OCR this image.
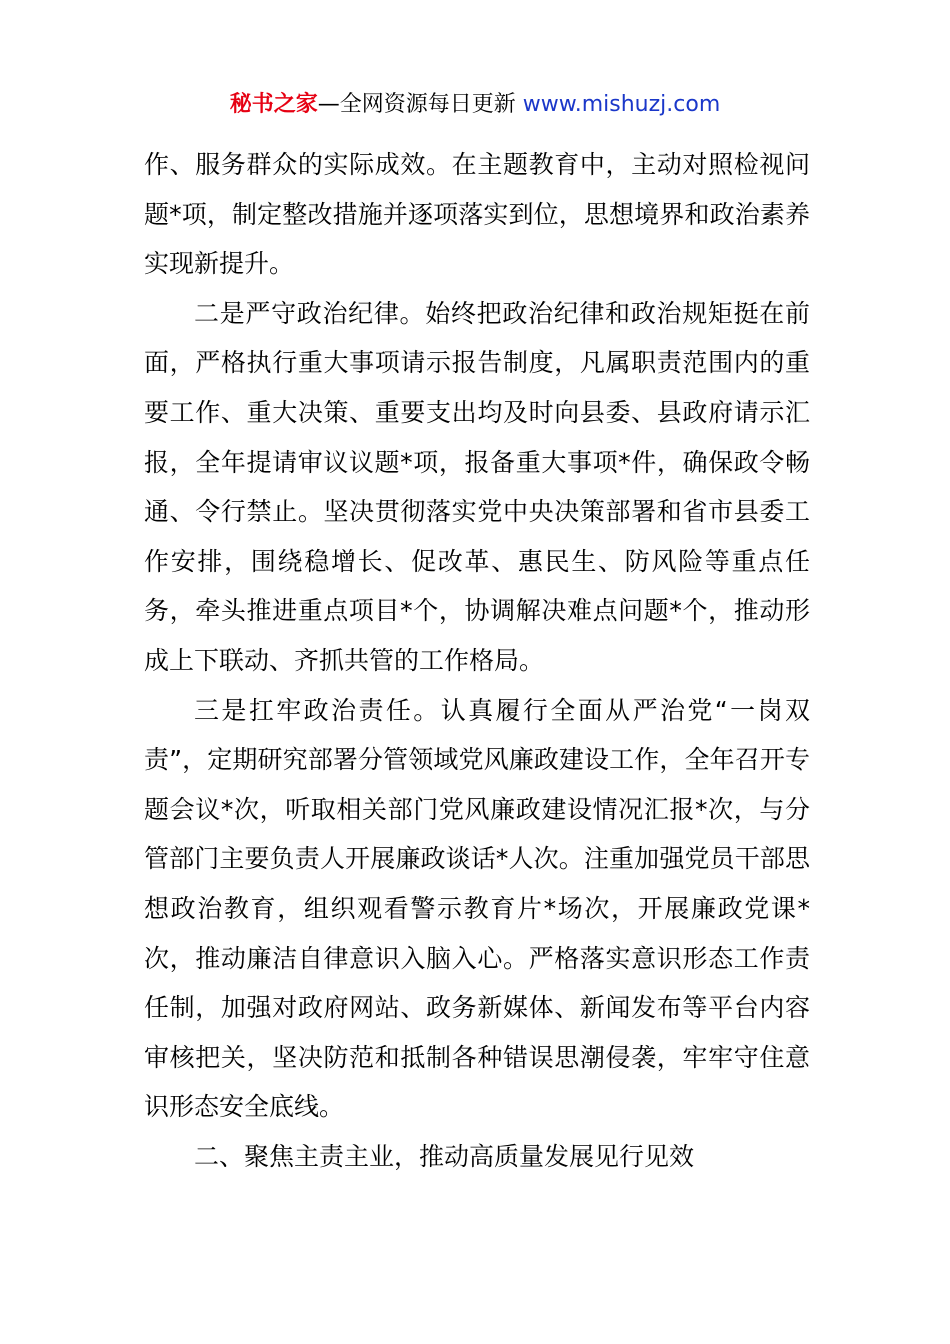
秘书之家—全网资源每日更新 www.mishuzj.com

作、服务群众的实际成效。在主题教育中，主动对照检视问题*项，制定整改措施并逐项落实到位，思想境界和政治素养实现新提升。

二是严守政治纪律。始终把政治纪律和政治规矩挺在前面，严格执行重大事项请示报告制度，凡属职责范围内的重要工作、重大决策、重要支出均及时向县委、县政府请示汇报，全年提请审议议题*项，报备重大事项*件，确保政令畅通、令行禁止。坚决贯彻落实党中央决策部署和省市县委工作安排，围绕稳增长、促改革、惠民生、防风险等重点任务，牵头推进重点项目*个，协调解决难点问题*个，推动形成上下联动、齐抓共管的工作格局。

三是扛牢政治责任。认真履行全面从严治党“一岗双责”，定期研究部署分管领域党风廉政建设工作，全年召开专题会议*次，听取相关部门党风廉政建设情况汇报*次，与分管部门主要负责人开展廉政谈话*人次。注重加强党员干部思想政治教育，组织观看警示教育片*场次，开展廉政党课*次，推动廉洁自律意识入脑入心。严格落实意识形态工作责任制，加强对政府网站、政务新媒体、新闻发布等平台内容审核把关，坚决防范和抵制各种错误思潮侵袭，牢牢守住意识形态安全底线。

二、聚焦主责主业，推动高质量发展见行见效
